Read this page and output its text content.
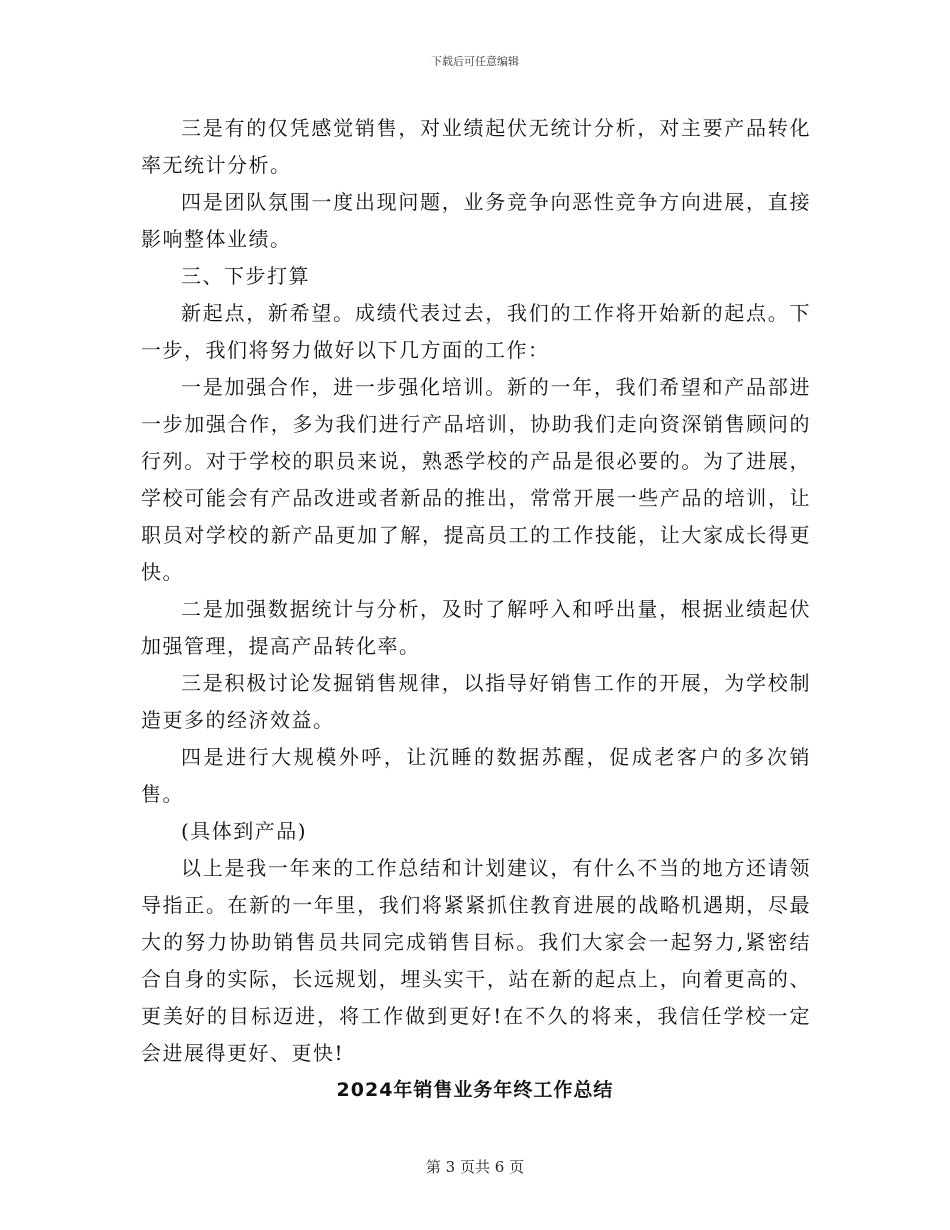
下载后可任意编辑

三是有的仅凭感觉销售，对业绩起伏无统计分析，对主要产品转化率无统计分析。

四是团队氛围一度出现问题，业务竞争向恶性竞争方向进展，直接影响整体业绩。

三、下步打算

新起点，新希望。成绩代表过去，我们的工作将开始新的起点。下一步，我们将努力做好以下几方面的工作：

一是加强合作，进一步强化培训。新的一年，我们希望和产品部进一步加强合作，多为我们进行产品培训，协助我们走向资深销售顾问的行列。对于学校的职员来说，熟悉学校的产品是很必要的。为了进展，学校可能会有产品改进或者新品的推出，常常开展一些产品的培训，让职员对学校的新产品更加了解，提高员工的工作技能，让大家成长得更快。

二是加强数据统计与分析，及时了解呼入和呼出量，根据业绩起伏加强管理，提高产品转化率。

三是积极讨论发掘销售规律，以指导好销售工作的开展，为学校制造更多的经济效益。

四是进行大规模外呼，让沉睡的数据苏醒，促成老客户的多次销售。

(具体到产品)

以上是我一年来的工作总结和计划建议，有什么不当的地方还请领导指正。在新的一年里，我们将紧紧抓住教育进展的战略机遇期，尽最大的努力协助销售员共同完成销售目标。我们大家会一起努力,紧密结合自身的实际，长远规划，埋头实干，站在新的起点上，向着更高的、更美好的目标迈进，将工作做到更好!在不久的将来，我信任学校一定会进展得更好、更快!

2024年销售业务年终工作总结
第 3 页共 6 页
